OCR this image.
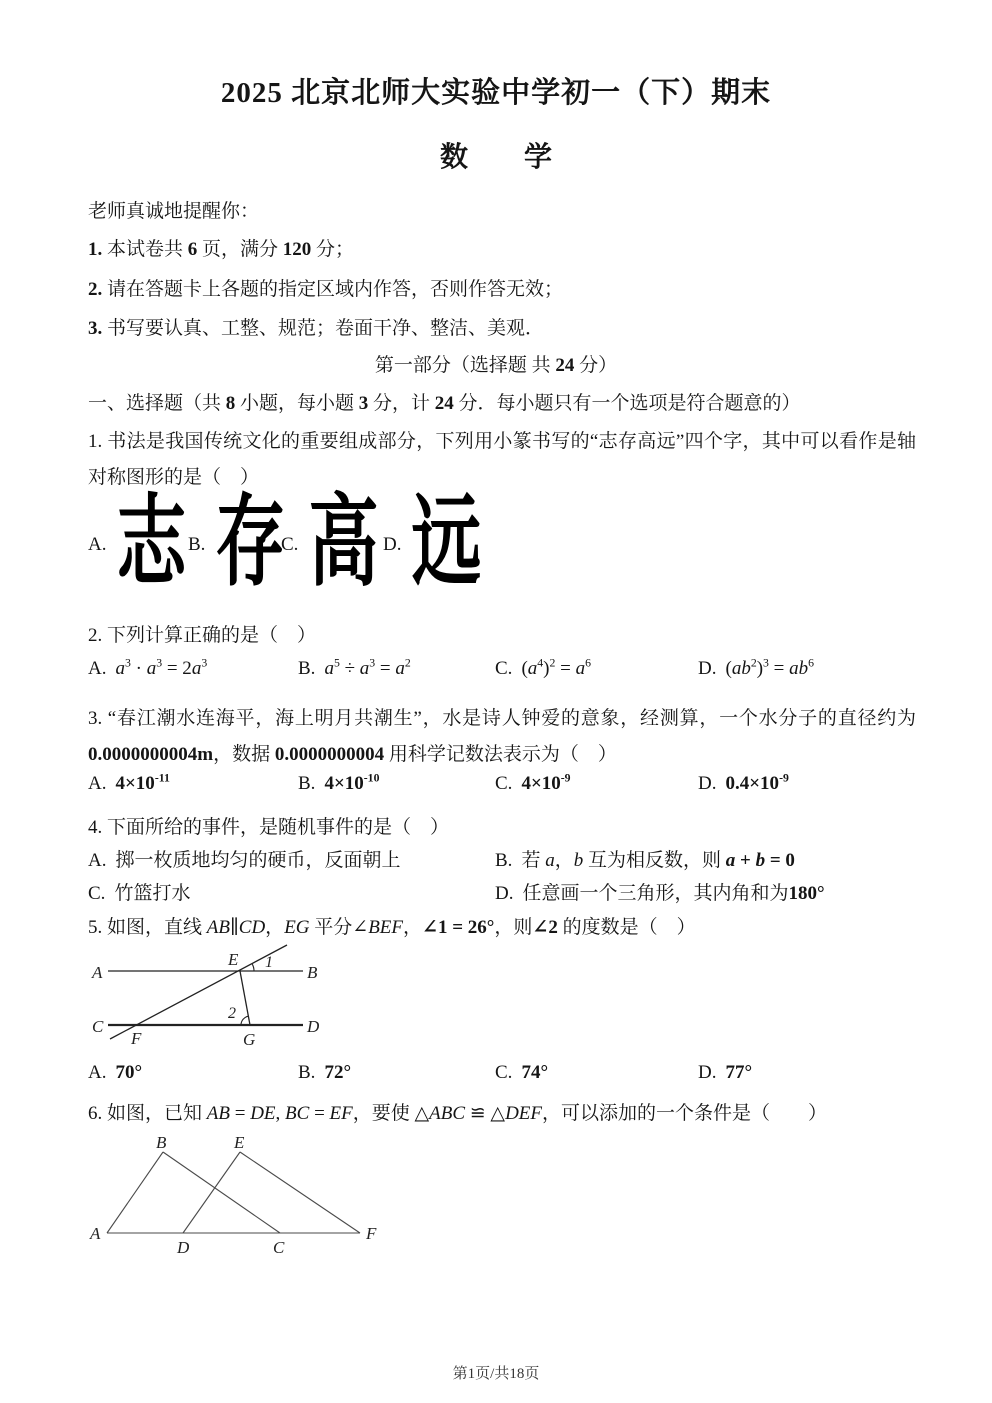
2025 北京北师大实验中学初一（下）期末
数　　学
老师真诚地提醒你：
1. 本试卷共 6 页，满分 120 分；
2. 请在答题卡上各题的指定区域内作答，否则作答无效；
3. 书写要认真、工整、规范；卷面干净、整洁、美观．
第一部分（选择题 共 24 分）
一、选择题（共 8 小题，每小题 3 分，计 24 分．每小题只有一个选项是符合题意的）
1. 书法是我国传统文化的重要组成部分，下列用小篆书写的“志存高远”四个字，其中可以看作是轴对称图形的是（　）
A. 志 B. 存
C. 高 D. 远
2. 下列计算正确的是（　）
A. $a^3 \cdot a^3 = 2a^3$	B. $a^5 \div a^3 = a^2$	C. $(a^4)^2 = a^6$	D. $(ab^2)^3 = ab^6$
3. “春江潮水连海平，海上明月共潮生”，水是诗人钟爱的意象，经测算，一个水分子的直径约为 0.0000000004m，数据 0.0000000004 用科学记数法表示为（　）
A. $4\times 10^{-11}$	B. $4\times 10^{-10}$	C. $4\times 10^{-9}$	D. $0.4\times 10^{-9}$
4. 下面所给的事件，是随机事件的是（　）
A. 掷一枚质地均匀的硬币，反面朝上	B. 若 a，b 互为相反数，则 a + b = 0
C. 竹篮打水	D. 任意画一个三角形，其内角和为180°
5. 如图，直线 AB∥CD，EG 平分∠BEF，∠1 = 26°，则∠2 的度数是（　）
A	B
E 1
C	D
F	G
2
A. 70°	B. 72°	C. 74°	D. 77°
6. 如图，已知 AB = DE, BC = EF，要使 △ABC ≌ △DEF，可以添加的一个条件是（　　）
A
B	E
D	C
F
第1页/共18页
